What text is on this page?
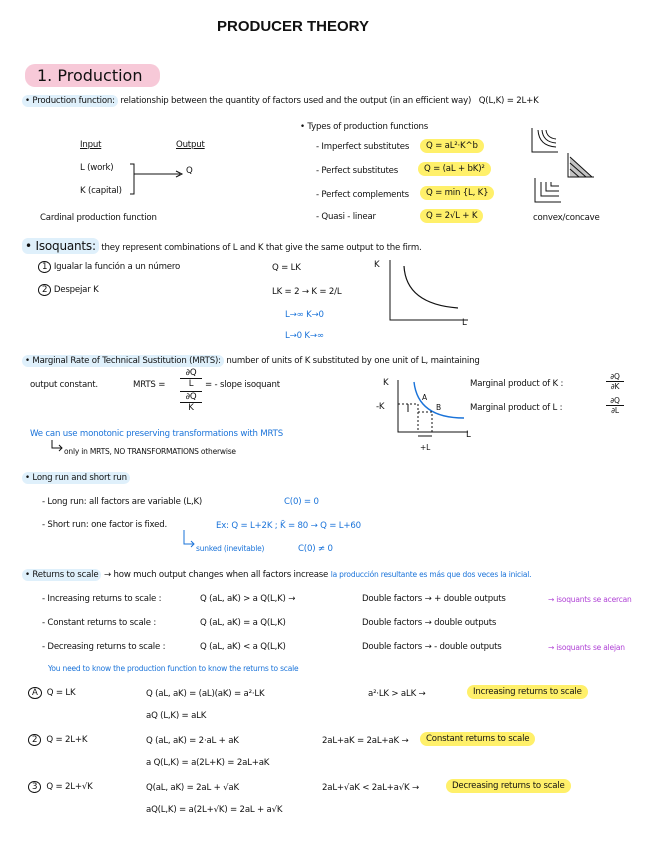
PRODUCER THEORY
1. Production
• Production function: relationship between the quantity of factors used and the output (in an efficient way) Q(L,K) = 2L+K
Input	Output
L (work)
K (capital)
Q
Cardinal production function
• Types of production functions
- Imperfect substitutes	Q = aL²·K^b
- Perfect substitutes	Q = (aL + bK)²
- Perfect complements	Q = min {L, K}
- Quasi - linear	Q = 2√L + K	convex/concave
• Isoquants: they represent combinations of L and K that give the same output to the firm.
1 Igualar la función a un número	Q = LK
2 Despejar K	LK = 2 → K = 2/L
L→∞ K→0
L→0 K→∞
K
L
• Marginal Rate of Technical Sustitution (MRTS): number of units of K substituted by one unit of L, maintaining
output constant.	MRTS =
∂Q
L
∂Q
K
= - slope isoquant	K
-K
A
B
L
+L
Marginal product of K :	$\frac{\partial Q}{\partial K}$
Marginal product of L :	$\frac{\partial Q}{\partial L}$
We can use monotonic preserving transformations with MRTS
only in MRTS, NO TRANSFORMATIONS otherwise
• Long run and short run
- Long run: all factors are variable (L,K)	C(0) = 0
- Short run: one factor is fixed.	Ex: Q = L+2K ; K̄ = 80 → Q = L+60
sunked (inevitable)	C(0) ≠ 0
• Returns to scale → how much output changes when all factors increase la producción resultante es más que dos veces la inicial.
- Increasing returns to scale :	Q (aL, aK) > a Q(L,K) →	Double factors → + double outputs	→ isoquants se acercan
- Constant returns to scale :	Q (aL, aK) = a Q(L,K)	Double factors → double outputs
- Decreasing returns to scale :	Q (aL, aK) < a Q(L,K)	Double factors → - double outputs	→ isoquants se alejan
You need to know the production function to know the returns to scale
A Q = LK	Q (aL, aK) = (aL)(aK) = a²·LK
aQ (L,K) = aLK
a²·LK > aLK →	Increasing returns to scale
2 Q = 2L+K	Q (aL, aK) = 2·aL + aK
a Q(L,K) = a(2L+K) = 2aL+aK
2aL+aK = 2aL+aK →	Constant returns to scale
3 Q = 2L+√K	Q(aL, aK) = 2aL + √aK
aQ(L,K) = a(2L+√K) = 2aL + a√K
2aL+√aK < 2aL+a√K →	Decreasing returns to scale
